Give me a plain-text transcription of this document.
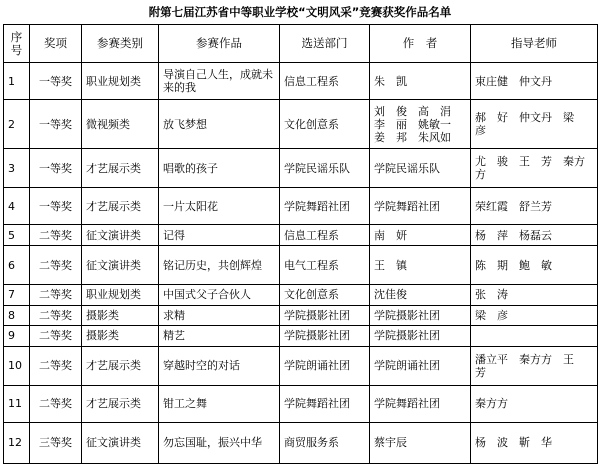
附第七届江苏省中等职业学校“文明风采”竞赛获奖作品名单
序号	奖项	参赛类别	参赛作品	选送部门	作　者	指导老师
1	一等奖	职业规划类	导演自己人生，成就未来的我	信息工程系	朱　凯	束庄健　仲文丹
2	一等奖	微视频类	放飞梦想	文化创意系	刘　俊　高　涓　李　丽　姚敏一　姜　邦　朱风如	郝　好　仲文丹　梁　彦
3	一等奖	才艺展示类	唱歌的孩子	学院民谣乐队	学院民谣乐队	尤　骏　王　芳　秦方方
4	一等奖	才艺展示类	一片太阳花	学院舞蹈社团	学院舞蹈社团	荣红霞　舒兰芳
5	二等奖	征文演讲类	记得	信息工程系	南　妍	杨　萍　杨磊云
6	二等奖	征文演讲类	铭记历史，共创辉煌	电气工程系	王　镇	陈　期　鲍　敏
7	二等奖	职业规划类	中国式父子合伙人	文化创意系	沈佳俊	张　涛
8	二等奖	摄影类	求精	学院摄影社团	学院摄影社团	梁　彦
9	二等奖	摄影类	精艺	学院摄影社团	学院摄影社团	
10	二等奖	才艺展示类	穿越时空的对话	学院朗诵社团	学院朗诵社团	潘立平　秦方方　王　芳
11	二等奖	才艺展示类	钳工之舞	学院舞蹈社团	学院舞蹈社团	秦方方
12	三等奖	征文演讲类	勿忘国耻，振兴中华	商贸服务系	蔡宇辰	杨　波　靳　华
